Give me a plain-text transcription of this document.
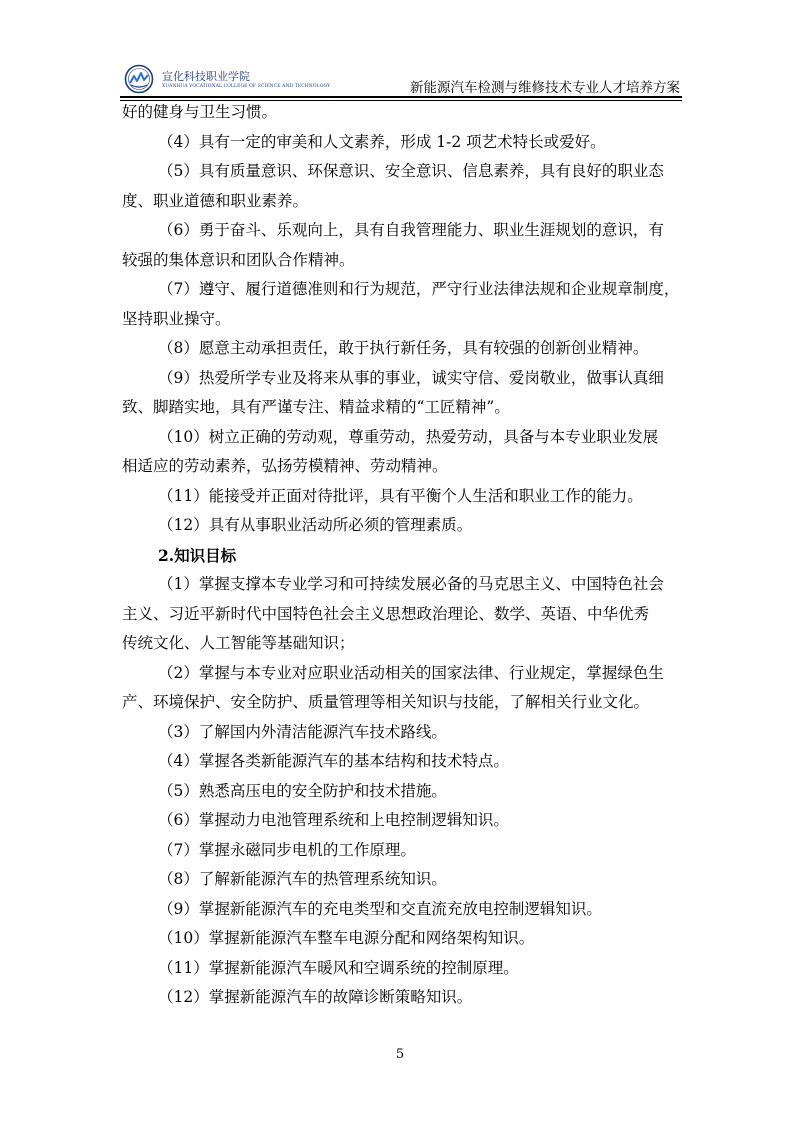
宣化科技职业学院
XUANHUA VOCATIONAL COLLEGE OF SCIENCE AND TECHNOLOGY	新能源汽车检测与维修技术专业人才培养方案

好的健身与卫生习惯。

（4）具有一定的审美和人文素养，形成 1-2 项艺术特长或爱好。

（5）具有质量意识、环保意识、安全意识、信息素养，具有良好的职业态

度、职业道德和职业素养。

（6）勇于奋斗、乐观向上，具有自我管理能力、职业生涯规划的意识，有

较强的集体意识和团队合作精神。

（7）遵守、履行道德准则和行为规范，严守行业法律法规和企业规章制度，

坚持职业操守。

（8）愿意主动承担责任，敢于执行新任务，具有较强的创新创业精神。

（9）热爱所学专业及将来从事的事业，诚实守信、爱岗敬业，做事认真细

致、脚踏实地，具有严谨专注、精益求精的“工匠精神”。

（10）树立正确的劳动观，尊重劳动，热爱劳动，具备与本专业职业发展

相适应的劳动素养，弘扬劳模精神、劳动精神。

（11）能接受并正面对待批评，具有平衡个人生活和职业工作的能力。

（12）具有从事职业活动所必须的管理素质。

2.知识目标

（1）掌握支撑本专业学习和可持续发展必备的马克思主义、中国特色社会

主义、习近平新时代中国特色社会主义思想政治理论、数学、英语、中华优秀

传统文化、人工智能等基础知识；

（2）掌握与本专业对应职业活动相关的国家法律、行业规定，掌握绿色生

产、环境保护、安全防护、质量管理等相关知识与技能，了解相关行业文化。

（3）了解国内外清洁能源汽车技术路线。

（4）掌握各类新能源汽车的基本结构和技术特点。

（5）熟悉高压电的安全防护和技术措施。

（6）掌握动力电池管理系统和上电控制逻辑知识。

（7）掌握永磁同步电机的工作原理。

（8）了解新能源汽车的热管理系统知识。

（9）掌握新能源汽车的充电类型和交直流充放电控制逻辑知识。

（10）掌握新能源汽车整车电源分配和网络架构知识。

（11）掌握新能源汽车暖风和空调系统的控制原理。

（12）掌握新能源汽车的故障诊断策略知识。

5
